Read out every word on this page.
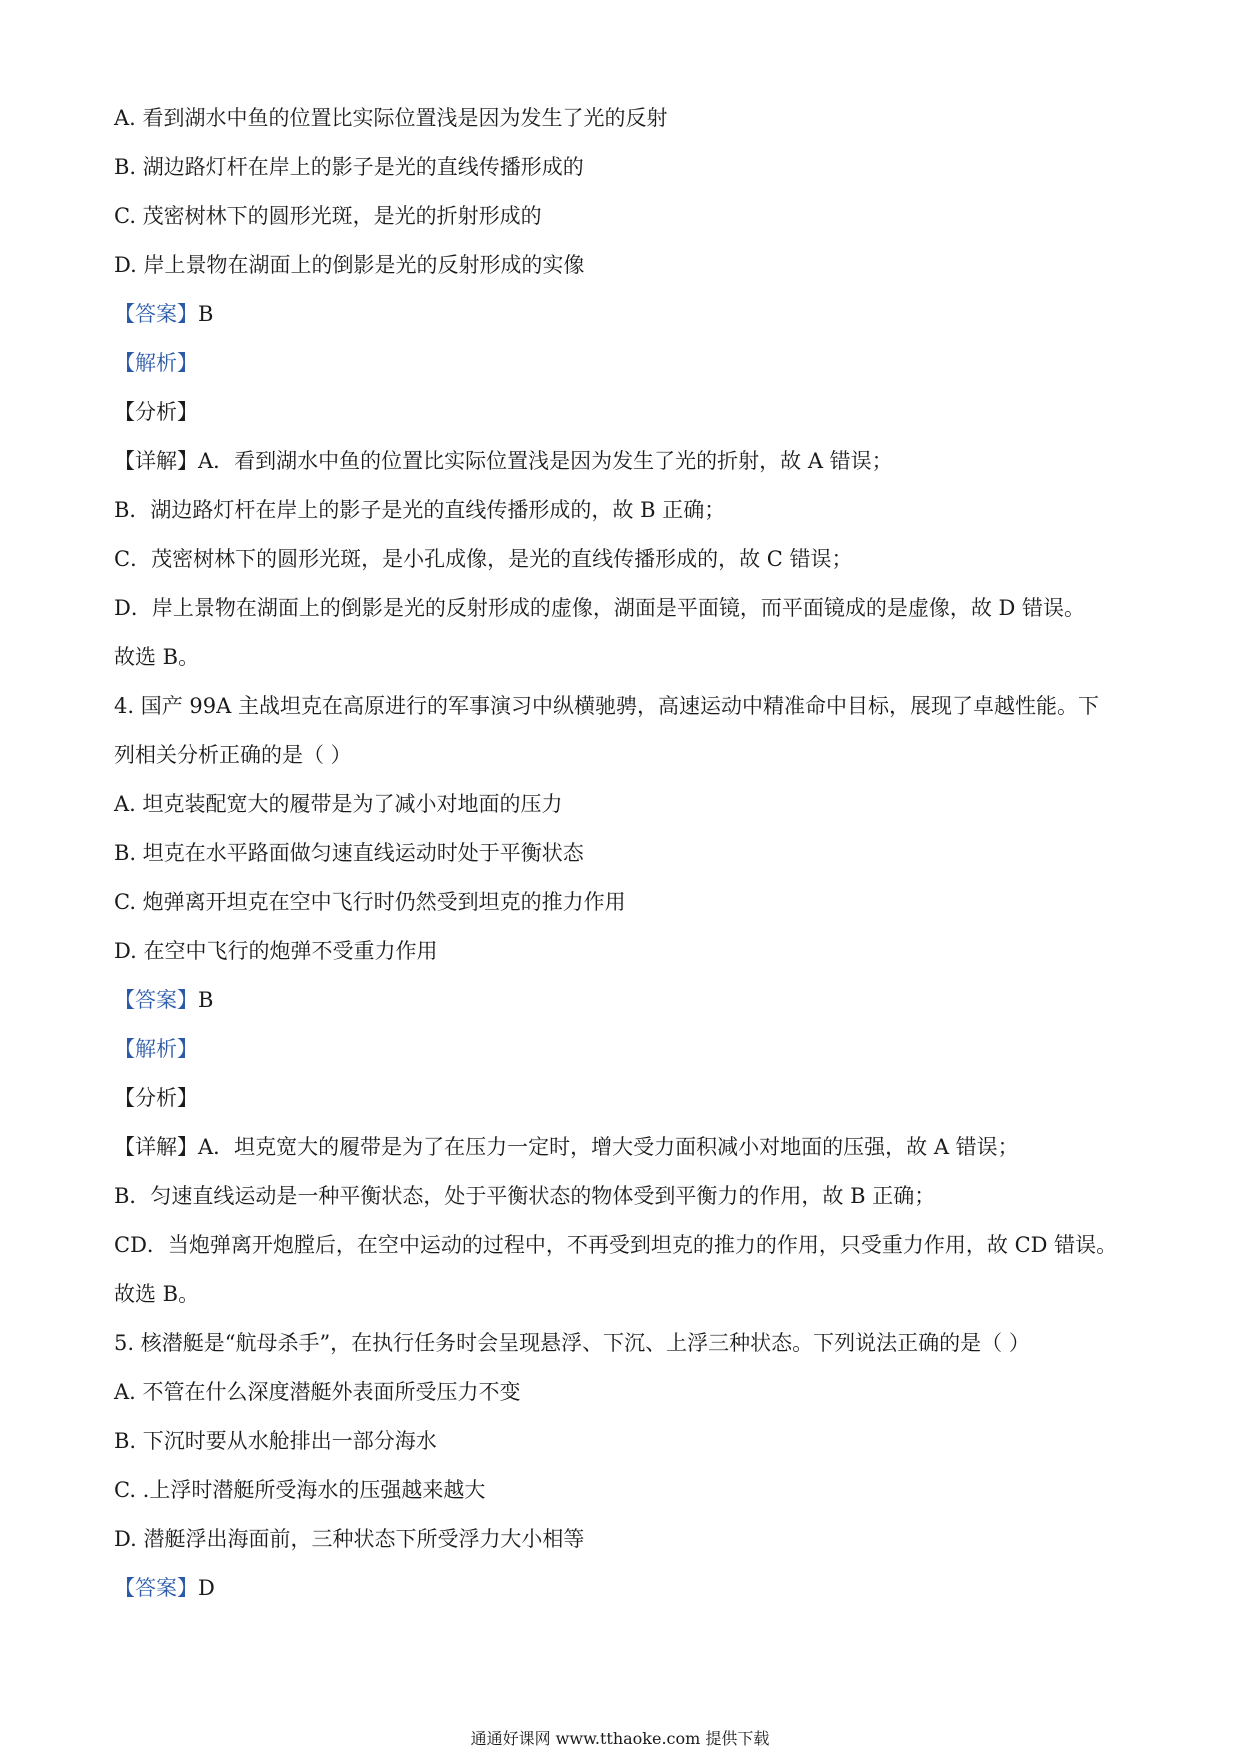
A. 看到湖水中鱼的位置比实际位置浅是因为发生了光的反射
B. 湖边路灯杆在岸上的影子是光的直线传播形成的
C. 茂密树林下的圆形光斑，是光的折射形成的
D. 岸上景物在湖面上的倒影是光的反射形成的实像
【答案】B
【解析】
【分析】
【详解】A．看到湖水中鱼的位置比实际位置浅是因为发生了光的折射，故 A 错误；
B．湖边路灯杆在岸上的影子是光的直线传播形成的，故 B 正确；
C．茂密树林下的圆形光斑，是小孔成像，是光的直线传播形成的，故 C 错误；
D．岸上景物在湖面上的倒影是光的反射形成的虚像，湖面是平面镜，而平面镜成的是虚像，故 D 错误。
故选 B。
4. 国产 99A 主战坦克在高原进行的军事演习中纵横驰骋，高速运动中精准命中目标，展现了卓越性能。下
列相关分析正确的是（ ）
A. 坦克装配宽大的履带是为了减小对地面的压力
B. 坦克在水平路面做匀速直线运动时处于平衡状态
C. 炮弹离开坦克在空中飞行时仍然受到坦克的推力作用
D. 在空中飞行的炮弹不受重力作用
【答案】B
【解析】
【分析】
【详解】A．坦克宽大的履带是为了在压力一定时，增大受力面积减小对地面的压强，故 A 错误；
B．匀速直线运动是一种平衡状态，处于平衡状态的物体受到平衡力的作用，故 B 正确；
CD．当炮弹离开炮膛后，在空中运动的过程中，不再受到坦克的推力的作用，只受重力作用，故 CD 错误。
故选 B。
5. 核潜艇是“航母杀手”，在执行任务时会呈现悬浮、下沉、上浮三种状态。下列说法正确的是（ ）
A. 不管在什么深度潜艇外表面所受压力不变
B. 下沉时要从水舱排出一部分海水
C. .上浮时潜艇所受海水的压强越来越大
D. 潜艇浮出海面前，三种状态下所受浮力大小相等
【答案】D
通通好课网 www.tthaoke.com 提供下载
